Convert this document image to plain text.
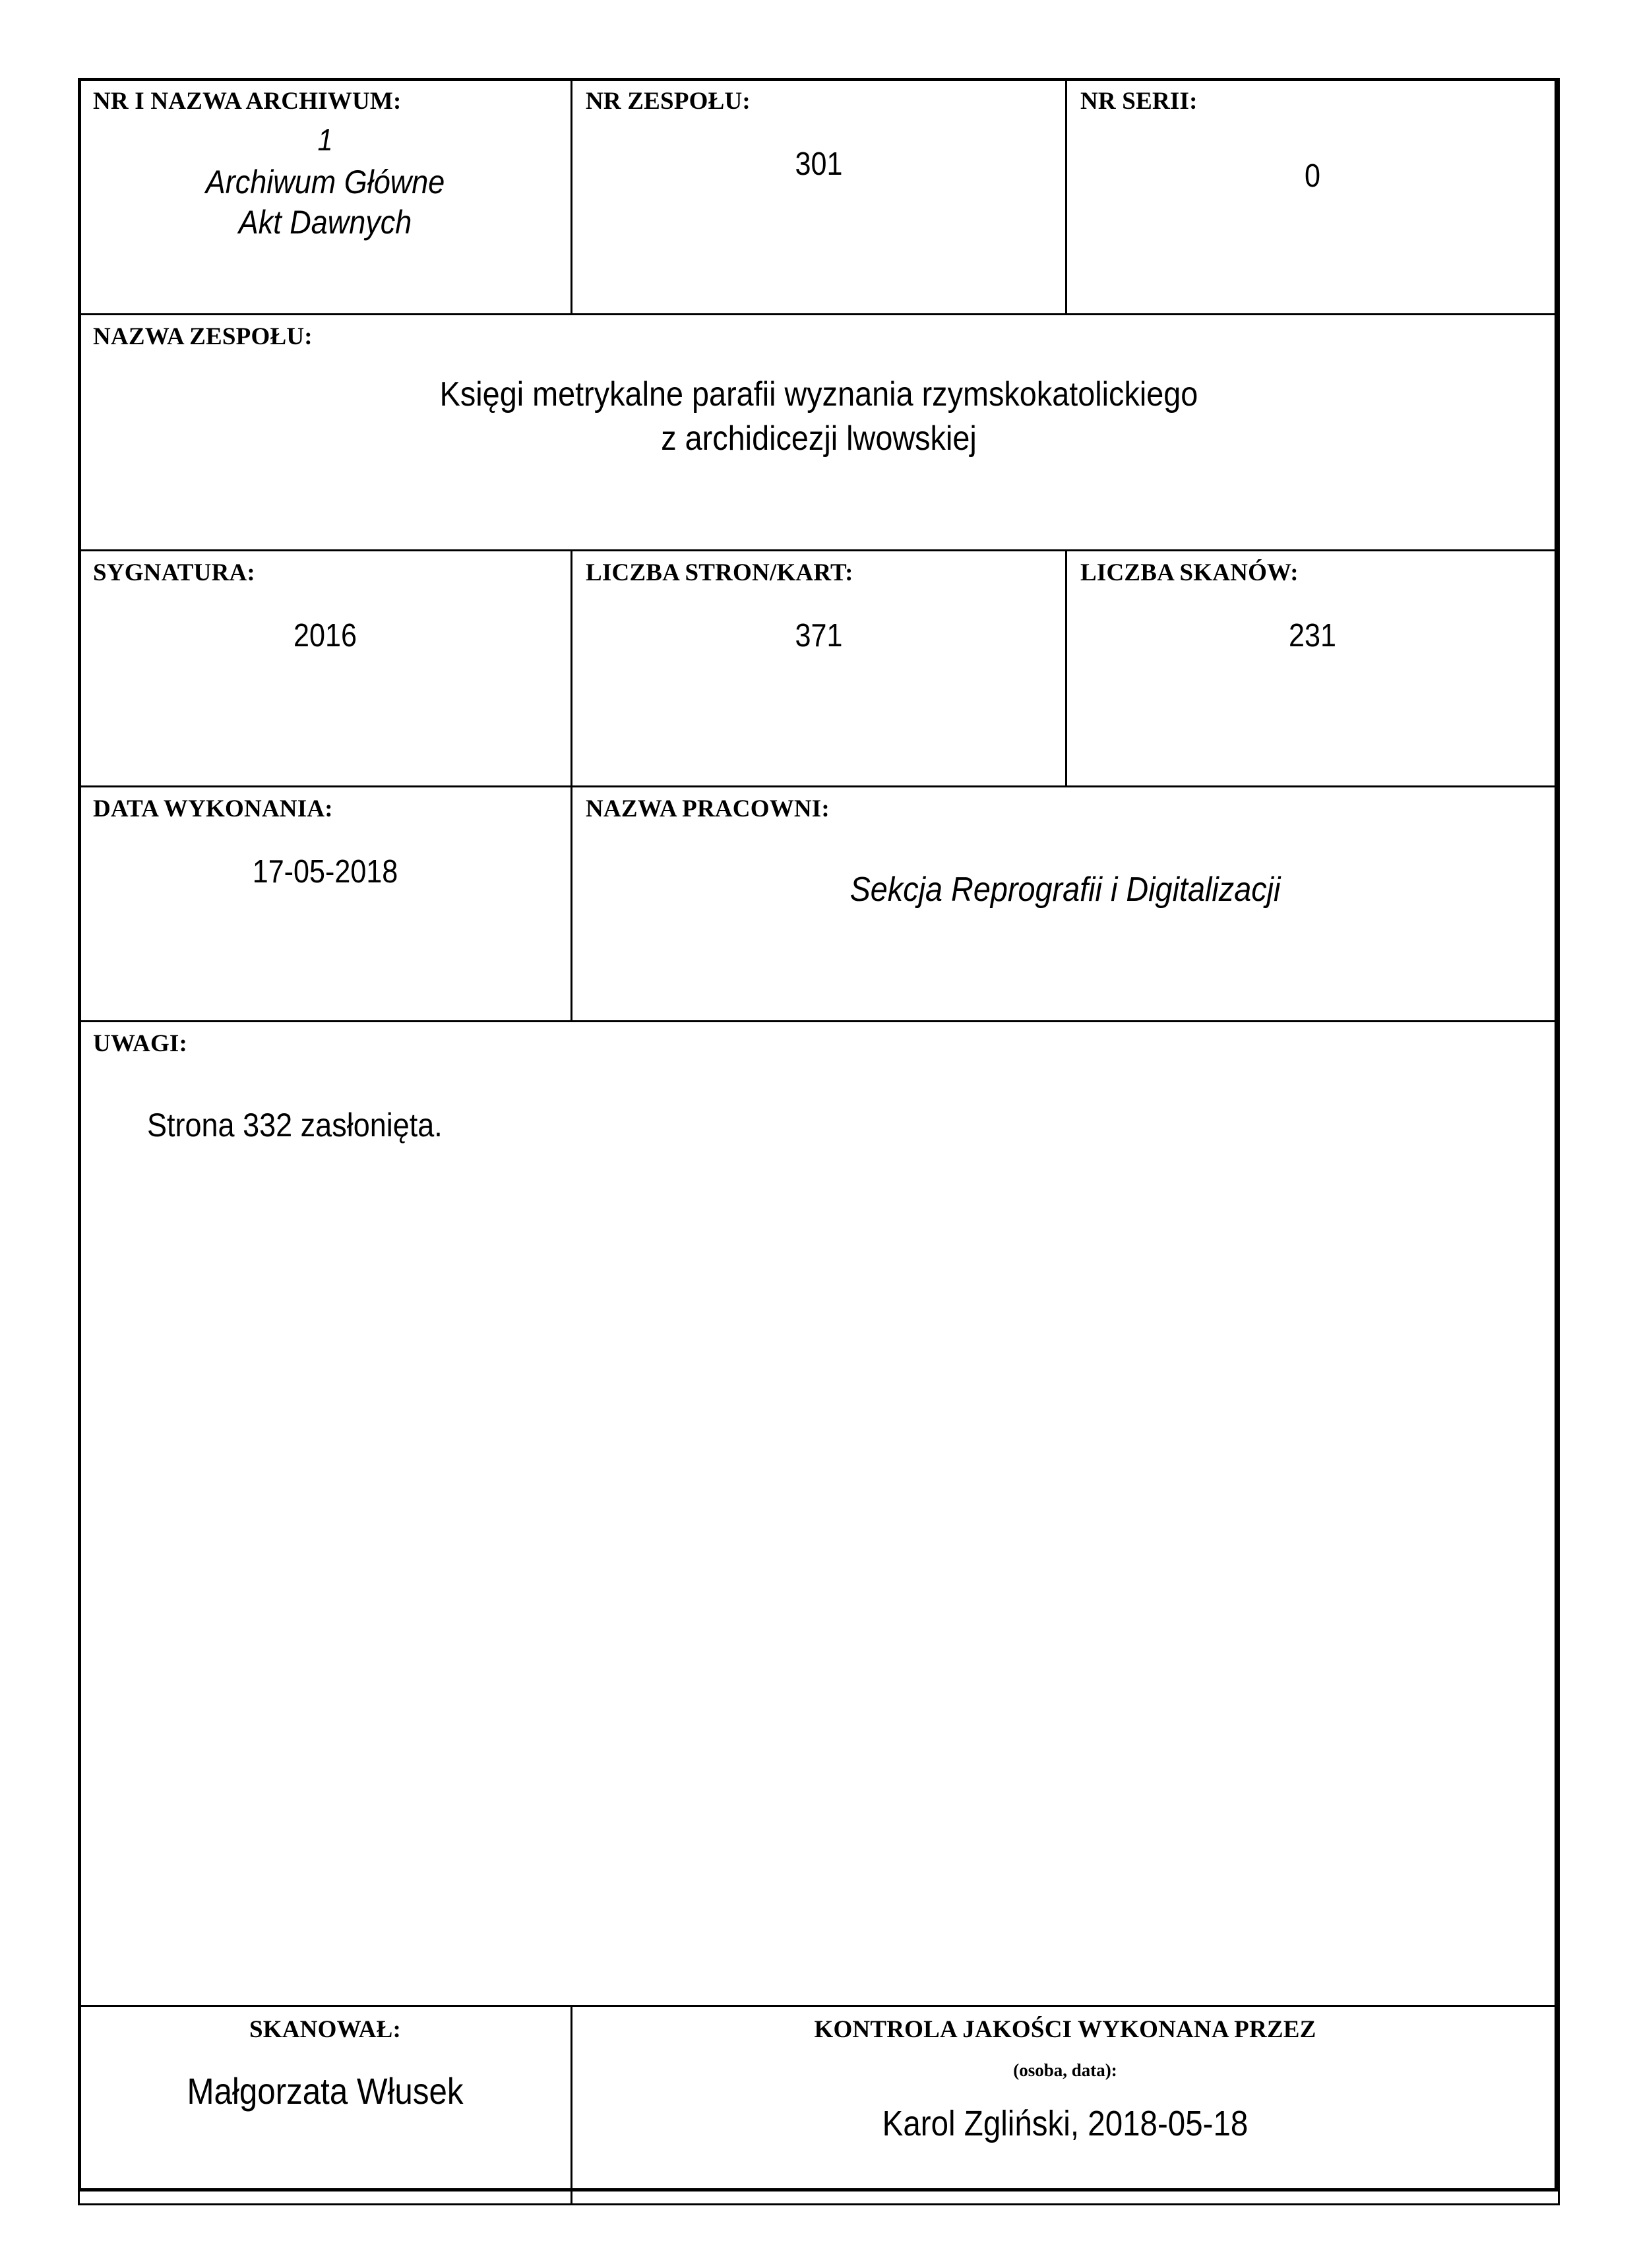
NR I NAZWA ARCHIWUM:
1
Archiwum Główne
Akt Dawnych

NR ZESPOŁU:
301

NR SERII:
0

NAZWA ZESPOŁU:
Księgi metrykalne parafii wyznania rzymskokatolickiego
z archidicezji lwowskiej		

SYGNATURA:
2016

LICZBA STRON/KART:
371

LICZBA SKANÓW:
231

DATA WYKONANIA:
17-05-2018

NAZWA PRACOWNI:
Sekcja Reprografii i Digitalizacji

UWAGI:
Strona 332 zasłonięta.		

SKANOWAŁ:
Małgorzata Włusek

KONTROLA JAKOŚCI WYKONANA PRZEZ
(osoba, data):
Karol Zgliński, 2018-05-18
